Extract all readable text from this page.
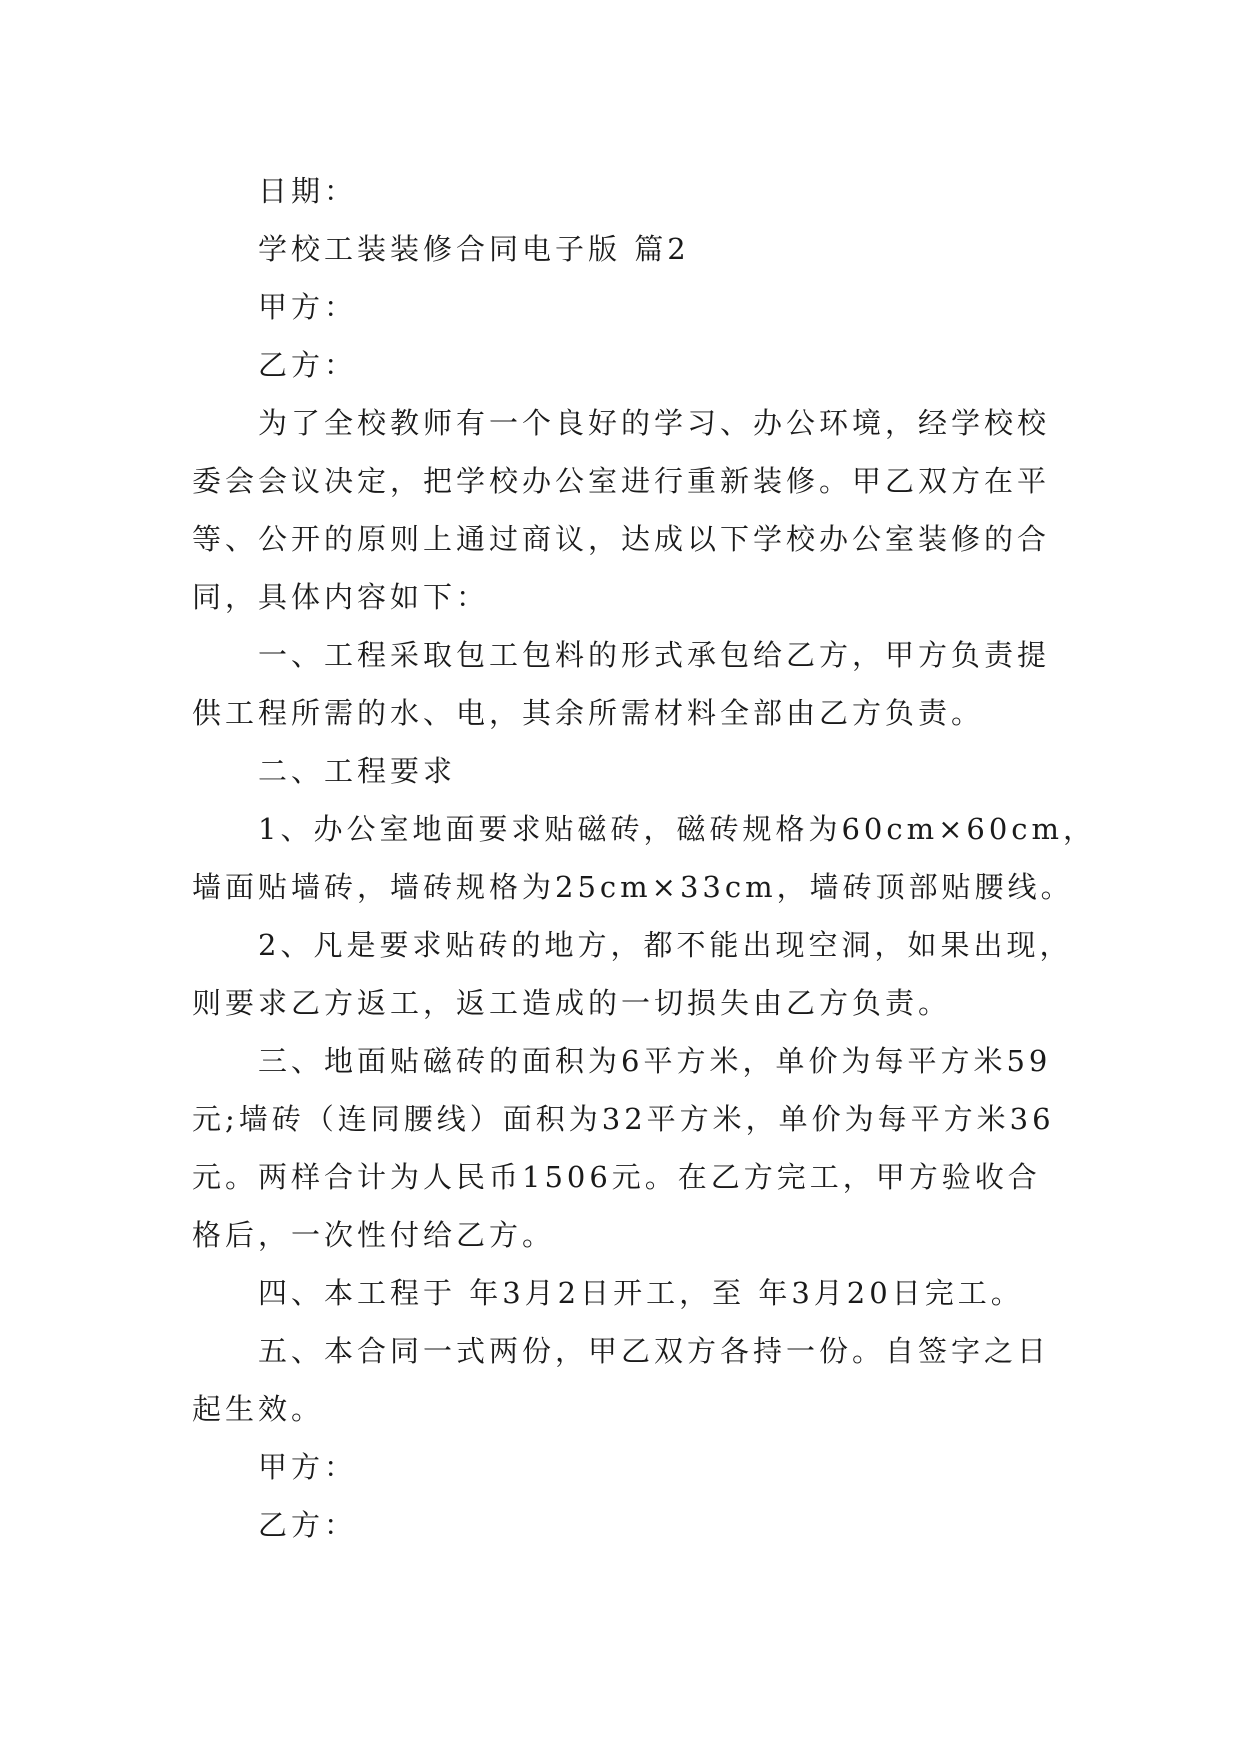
日期：

学校工装装修合同电子版 篇2

甲方：

乙方：

为了全校教师有一个良好的学习、办公环境，经学校校

委会会议决定，把学校办公室进行重新装修。甲乙双方在平

等、公开的原则上通过商议，达成以下学校办公室装修的合

同，具体内容如下：

一、工程采取包工包料的形式承包给乙方，甲方负责提

供工程所需的水、电，其余所需材料全部由乙方负责。

二、工程要求

1、办公室地面要求贴磁砖，磁砖规格为60cm×60cm，

墙面贴墙砖，墙砖规格为25cm×33cm，墙砖顶部贴腰线。

2、凡是要求贴砖的地方，都不能出现空洞，如果出现，

则要求乙方返工，返工造成的一切损失由乙方负责。

三、地面贴磁砖的面积为6平方米，单价为每平方米59

元;墙砖（连同腰线）面积为32平方米，单价为每平方米36

元。两样合计为人民币1506元。在乙方完工，甲方验收合

格后，一次性付给乙方。

四、本工程于 年3月2日开工，至 年3月20日完工。

五、本合同一式两份，甲乙双方各持一份。自签字之日

起生效。

甲方：

乙方：
